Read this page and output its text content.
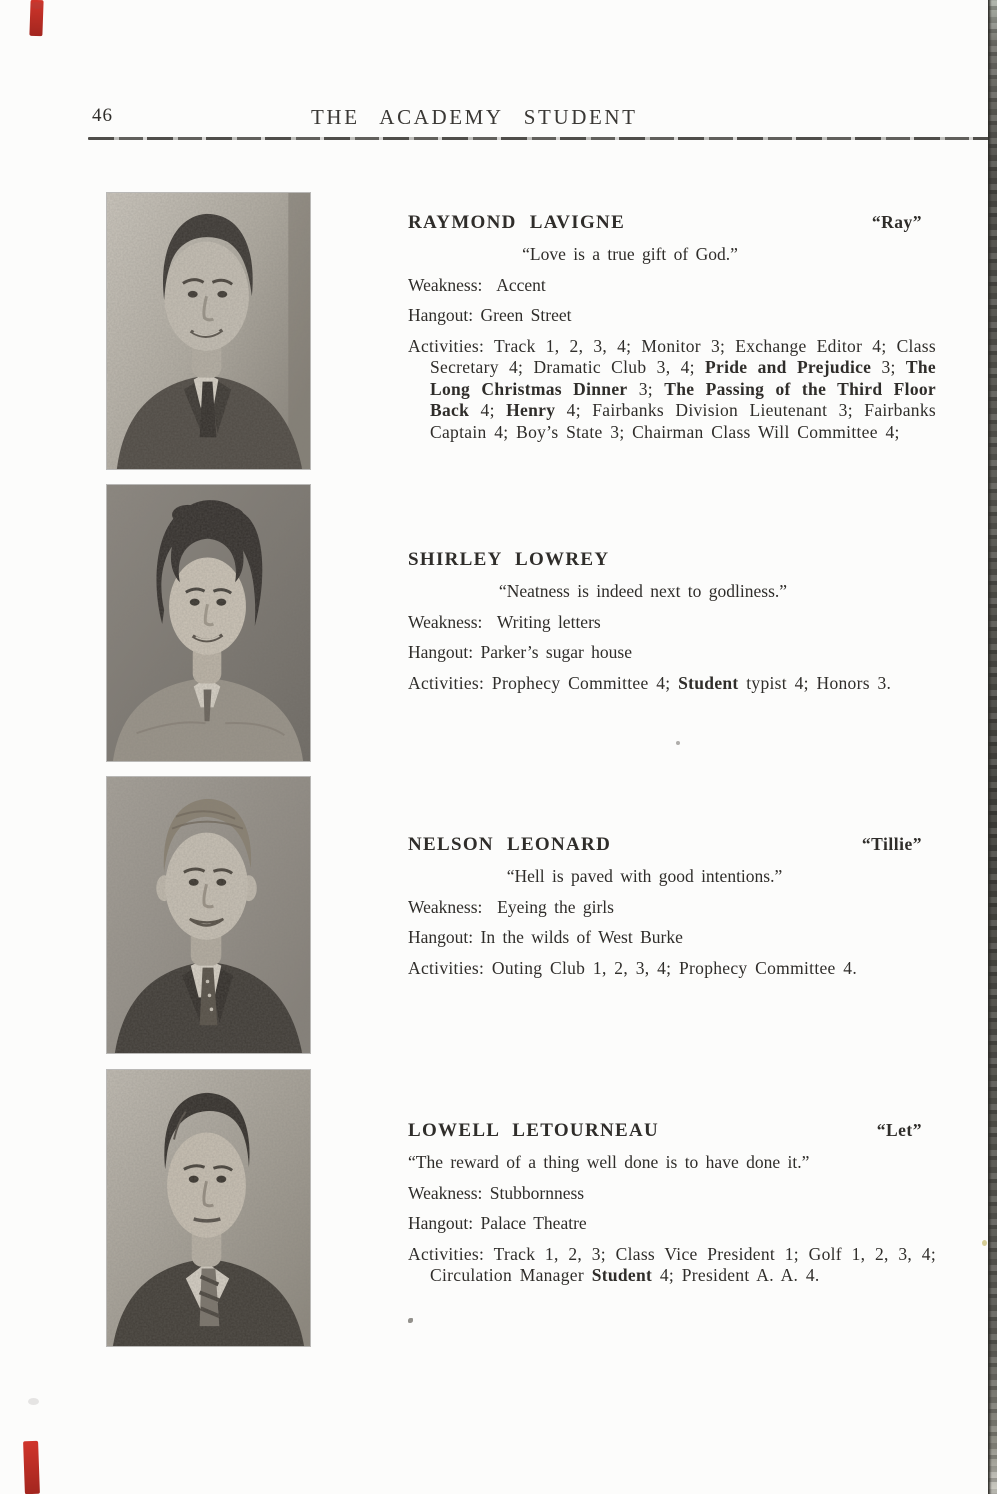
46	THE ACADEMY STUDENT
RAYMOND LAVIGNE	“Ray”
“Love is a true gift of God.”
Weakness: Accent
Hangout: Green Street
Activities: Track 1, 2, 3, 4; Monitor 3; Exchange Editor 4; Class Secretary 4; Dramatic Club 3, 4; Pride and Prejudice 3; The Long Christmas Dinner 3; The Passing of the Third Floor Back 4; Henry 4; Fairbanks Division Lieutenant 3; Fairbanks Captain 4; Boy’s State 3; Chairman Class Will Committee 4;
SHIRLEY LOWREY
“Neatness is indeed next to godliness.”
Weakness: Writing letters
Hangout: Parker’s sugar house
Activities: Prophecy Committee 4; Student typist 4; Honors 3.
NELSON LEONARD	“Tillie”
“Hell is paved with good intentions.”
Weakness: Eyeing the girls
Hangout: In the wilds of West Burke
Activities: Outing Club 1, 2, 3, 4; Prophecy Committee 4.
LOWELL LETOURNEAU	“Let”
“The reward of a thing well done is to have done it.”
Weakness: Stubbornness
Hangout: Palace Theatre
Activities: Track 1, 2, 3; Class Vice President 1; Golf 1, 2, 3, 4; Circulation Manager Student 4; President A. A. 4.
